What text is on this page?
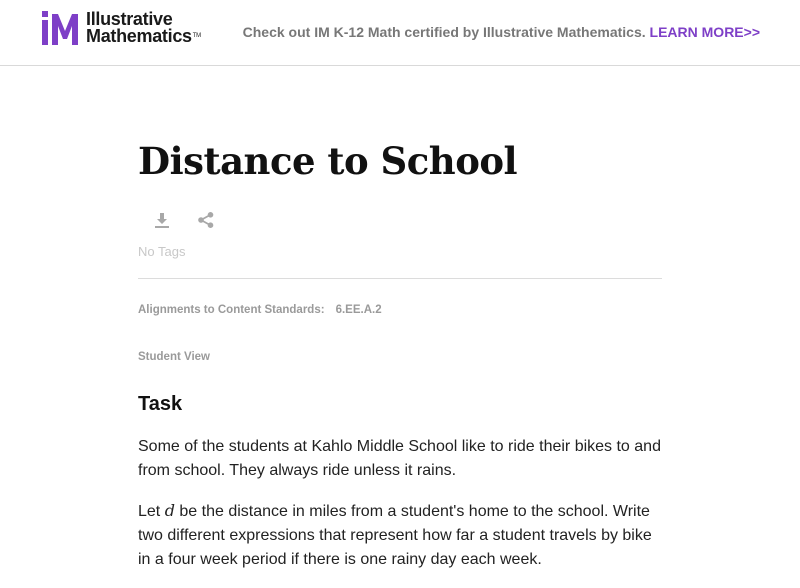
Illustrative
Mathematics™	Check out IM K-12 Math certified by Illustrative Mathematics. LEARN MORE>>
Distance to School
No Tags
Alignments to Content Standards: 6.EE.A.2
Student View
Task

Some of the students at Kahlo Middle School like to ride their bikes to and from school. They always ride unless it rains.

Let d be the distance in miles from a student's home to the school. Write two different expressions that represent how far a student travels by bike in a four week period if there is one rainy day each week.
